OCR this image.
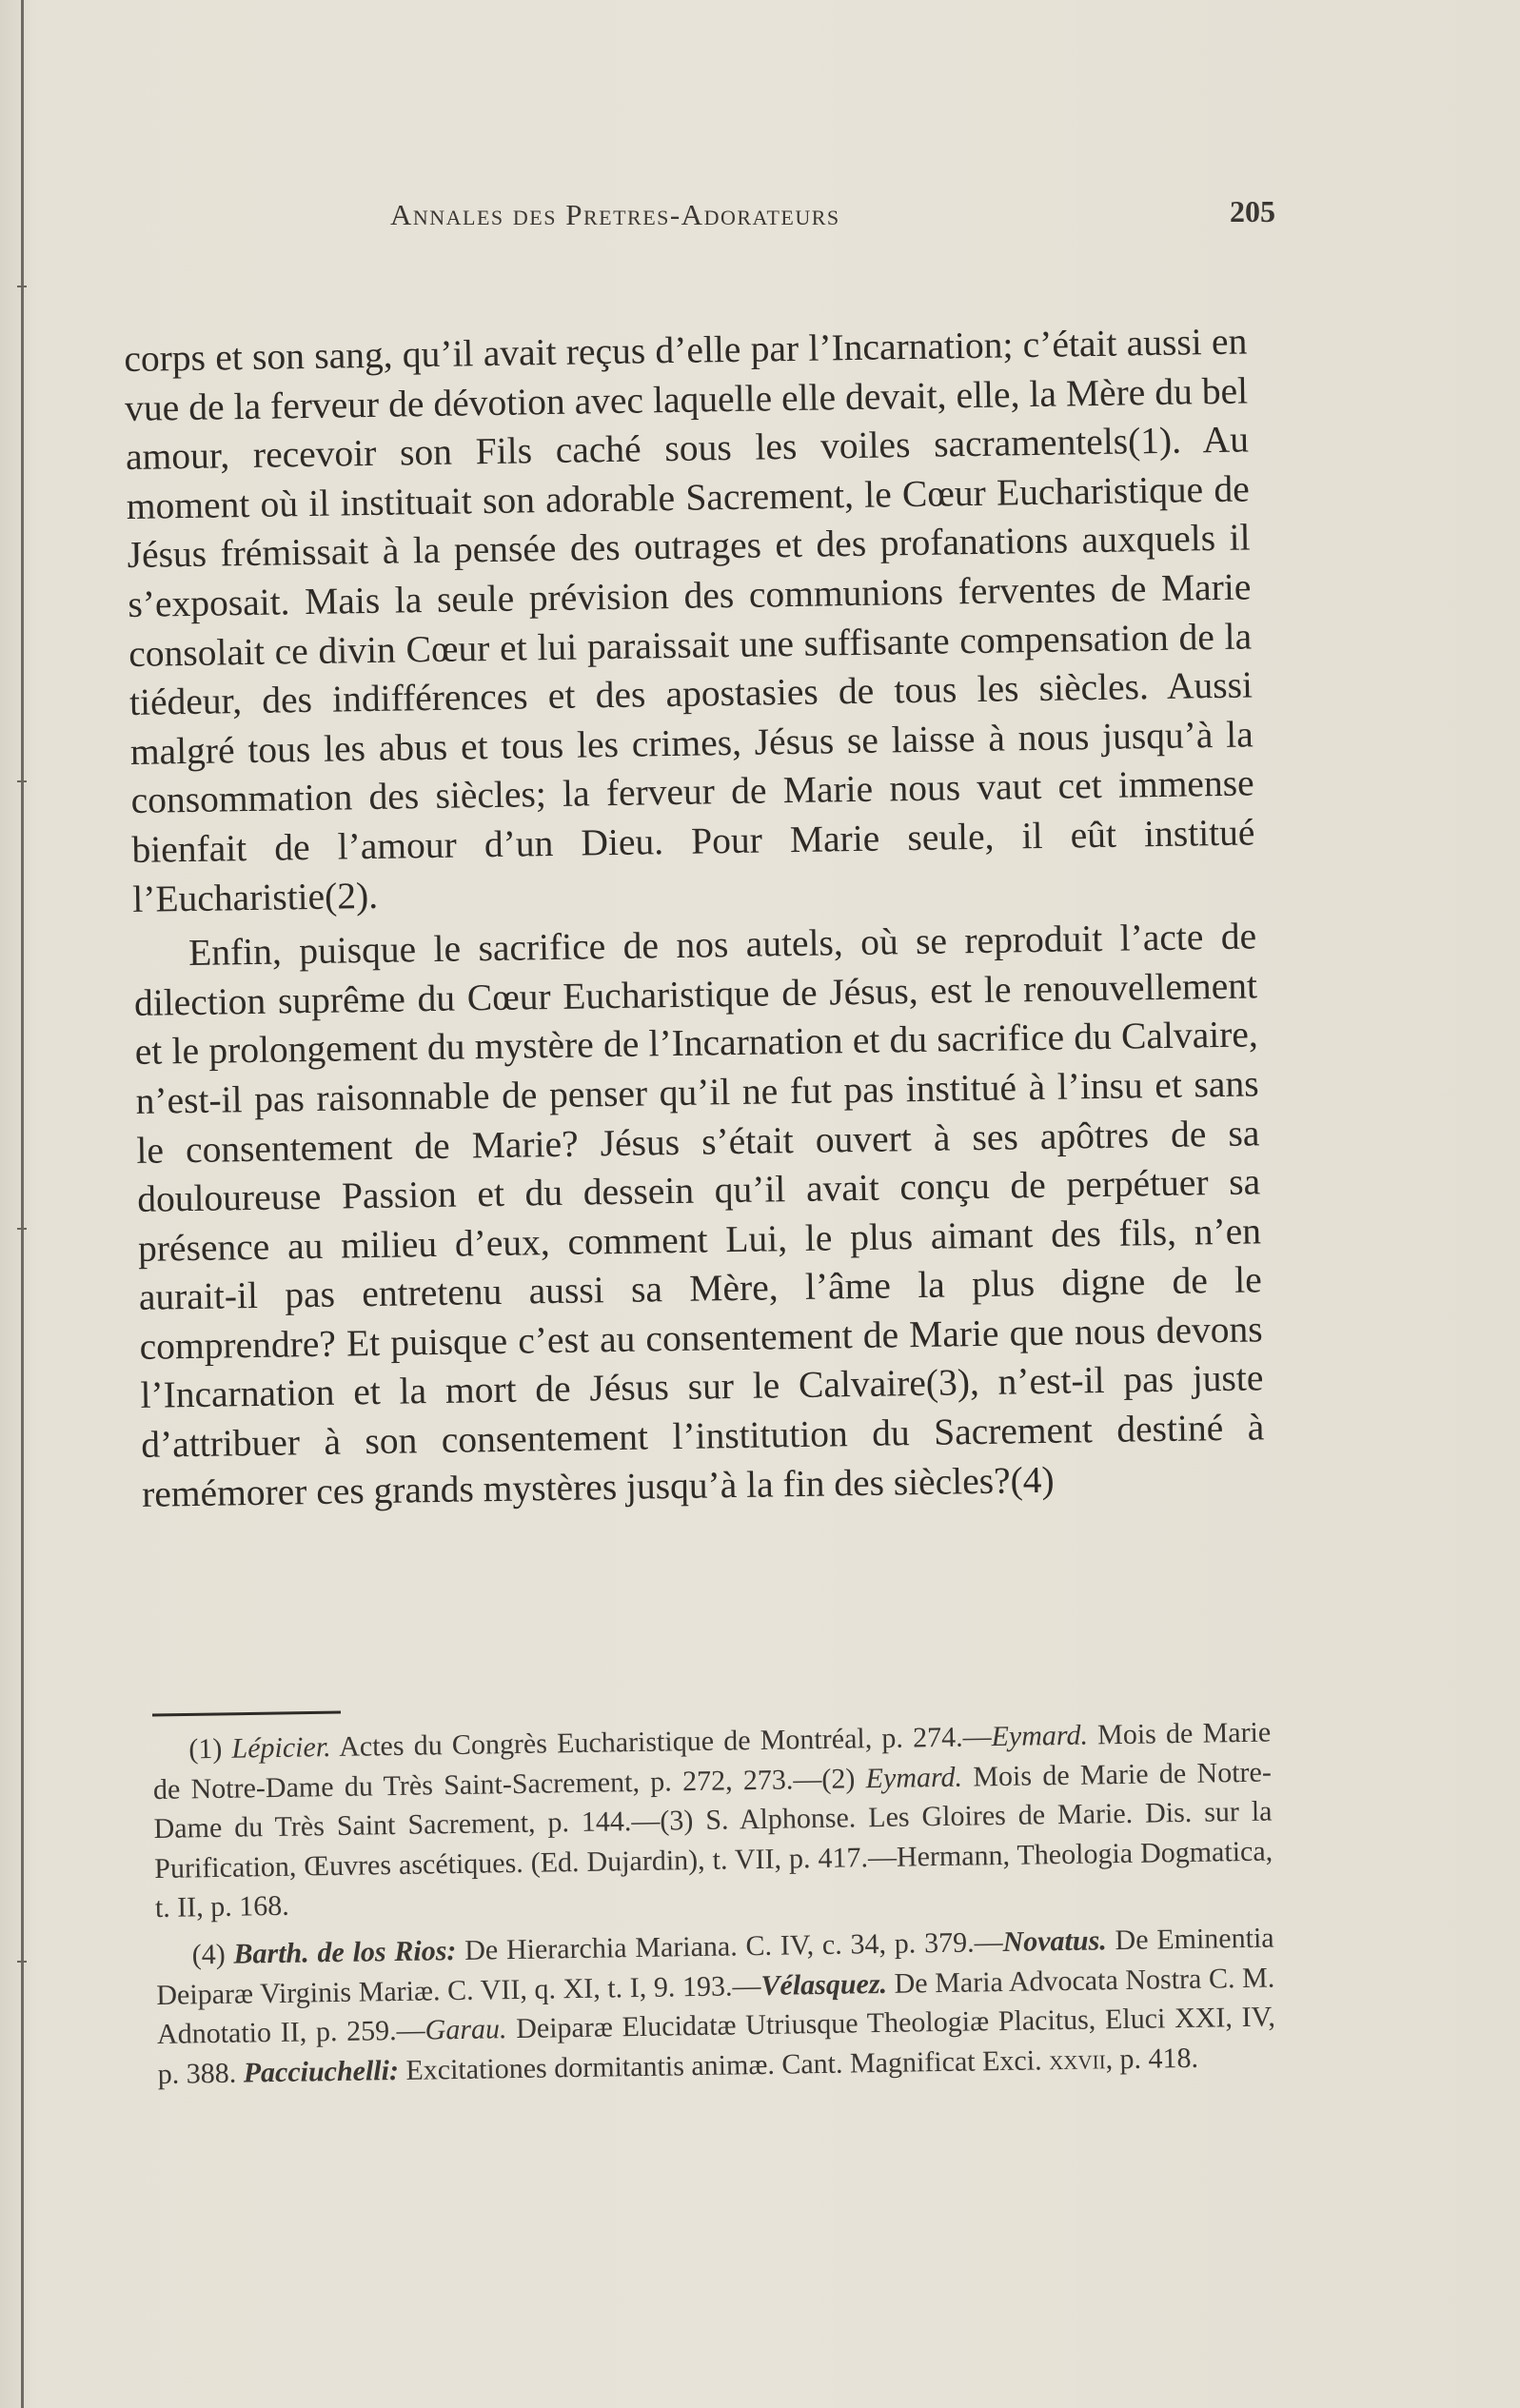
Annales des Pretres-Adorateurs	205

corps et son sang, qu’il avait reçus d’elle par l’Incarnation; c’était aussi en vue de la ferveur de dévotion avec laquelle elle devait, elle, la Mère du bel amour, recevoir son Fils caché sous les voiles sacramentels(1). Au moment où il instituait son adorable Sacrement, le Cœur Eucharistique de Jésus frémissait à la pensée des outrages et des profanations auxquels il s’exposait. Mais la seule prévision des communions ferventes de Marie consolait ce divin Cœur et lui paraissait une suffisante compensation de la tiédeur, des indifférences et des apostasies de tous les siècles. Aussi malgré tous les abus et tous les crimes, Jésus se laisse à nous jusqu’à la consommation des siècles; la ferveur de Marie nous vaut cet immense bienfait de l’amour d’un Dieu. Pour Marie seule, il eût institué l’Eucharistie(2).

Enfin, puisque le sacrifice de nos autels, où se reproduit l’acte de dilection suprême du Cœur Eucharistique de Jésus, est le renouvellement et le prolongement du mystère de l’Incarnation et du sacrifice du Calvaire, n’est-il pas raisonnable de penser qu’il ne fut pas institué à l’insu et sans le consentement de Marie? Jésus s’était ouvert à ses apôtres de sa douloureuse Passion et du dessein qu’il avait conçu de perpétuer sa présence au milieu d’eux, comment Lui, le plus aimant des fils, n’en aurait-il pas entretenu aussi sa Mère, l’âme la plus digne de le comprendre? Et puisque c’est au consentement de Marie que nous devons l’Incarnation et la mort de Jésus sur le Calvaire(3), n’est-il pas juste d’attribuer à son consentement l’institution du Sacrement destiné à remémorer ces grands mystères jusqu’à la fin des siècles?(4)

(1) Lépicier. Actes du Congrès Eucharistique de Montréal, p. 274.—Eymard. Mois de Marie de Notre-Dame du Très Saint-Sacrement, p. 272, 273.—(2) Eymard. Mois de Marie de Notre-Dame du Très Saint Sacrement, p. 144.—(3) S. Alphonse. Les Gloires de Marie. Dis. sur la Purification, Œuvres ascétiques. (Ed. Dujardin), t. VII, p. 417.—Hermann, Theologia Dogmatica, t. II, p. 168.

(4) Barth. de los Rios: De Hierarchia Mariana. C. IV, c. 34, p. 379.—Novatus. De Eminentia Deiparæ Virginis Mariæ. C. VII, q. XI, t. I, 9. 193.—Vélasquez. De Maria Advocata Nostra C. M. Adnotatio II, p. 259.—Garau. Deiparæ Elucidatæ Utriusque Theologiæ Placitus, Eluci XXI, IV, p. 388. Pacciuchelli: Excitationes dormitantis animæ. Cant. Magnificat Exci. xxvii, p. 418.
